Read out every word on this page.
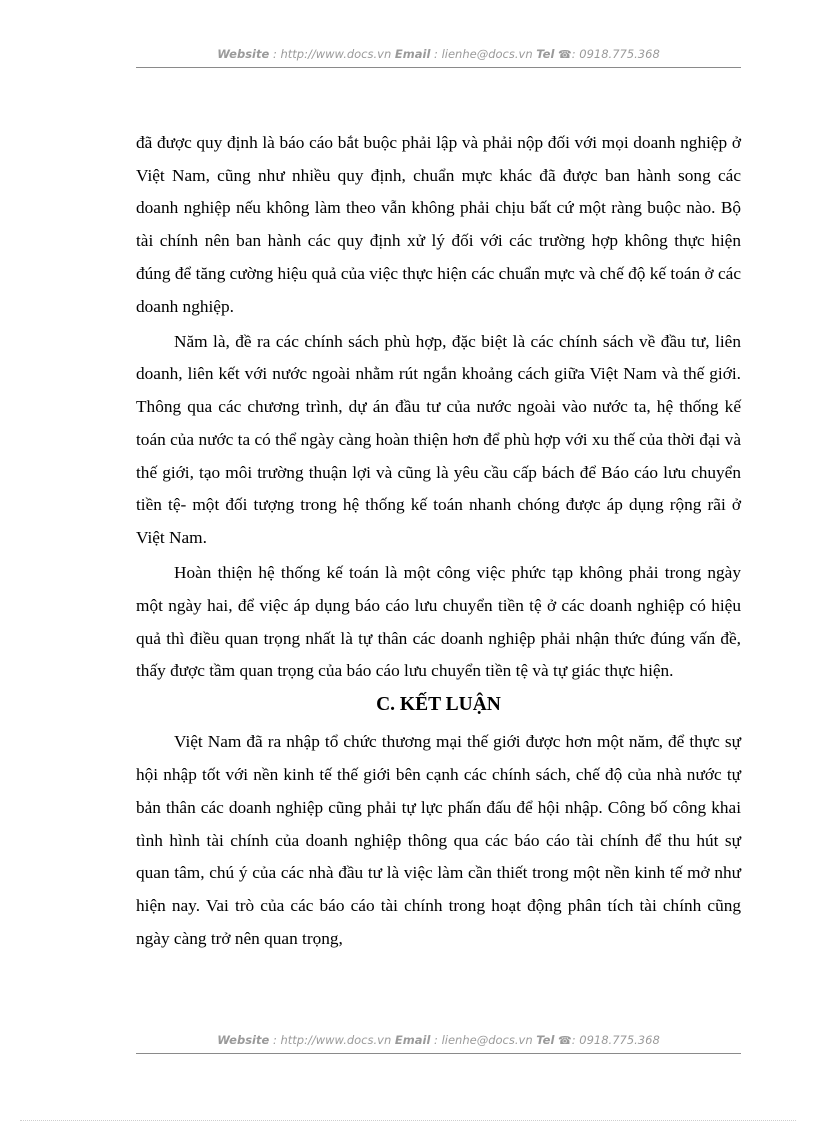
Website : http://www.docs.vn Email : lienhe@docs.vn Tel ☎: 0918.775.368

đã được quy định là báo cáo bắt buộc phải lập và phải nộp đối với mọi doanh nghiệp ở Việt Nam, cũng như nhiều quy định, chuẩn mực khác đã được ban hành song các doanh nghiệp nếu không làm theo vẫn không phải chịu bất cứ một ràng buộc nào. Bộ tài chính nên ban hành các quy định xử lý đối với các trường hợp không thực hiện đúng để tăng cường hiệu quả của việc thực hiện các chuẩn mực và chế độ kế toán ở các doanh nghiệp.

Năm là, đề ra các chính sách phù hợp, đặc biệt là các chính sách về đầu tư, liên doanh, liên kết với nước ngoài nhằm rút ngắn khoảng cách giữa Việt Nam và thế giới. Thông qua các chương trình, dự án đầu tư của nước ngoài vào nước ta, hệ thống kế toán của nước ta có thể ngày càng hoàn thiện hơn để phù hợp với xu thế của thời đại và thế giới, tạo môi trường thuận lợi và cũng là yêu cầu cấp bách để Báo cáo lưu chuyển tiền tệ- một đối tượng trong hệ thống kế toán nhanh chóng được áp dụng rộng rãi ở Việt Nam.

Hoàn thiện hệ thống kế toán là một công việc phức tạp không phải trong ngày một ngày hai, để việc áp dụng báo cáo lưu chuyển tiền tệ ở các doanh nghiệp có hiệu quả thì điều quan trọng nhất là tự thân các doanh nghiệp phải nhận thức đúng vấn đề, thấy được tầm quan trọng của báo cáo lưu chuyển tiền tệ và tự giác thực hiện.

C. KẾT LUẬN

Việt Nam đã ra nhập tổ chức thương mại thế giới được hơn một năm, để thực sự hội nhập tốt với nền kinh tế thế giới bên cạnh các chính sách, chế độ của nhà nước tự bản thân các doanh nghiệp cũng phải tự lực phấn đấu để hội nhập. Công bố công khai tình hình tài chính của doanh nghiệp thông qua các báo cáo tài chính để thu hút sự quan tâm, chú ý của các nhà đầu tư là việc làm cần thiết trong một nền kinh tế mở như hiện nay. Vai trò của các báo cáo tài chính trong hoạt động phân tích tài chính cũng ngày càng trở nên quan trọng,

Website : http://www.docs.vn Email : lienhe@docs.vn Tel ☎: 0918.775.368
